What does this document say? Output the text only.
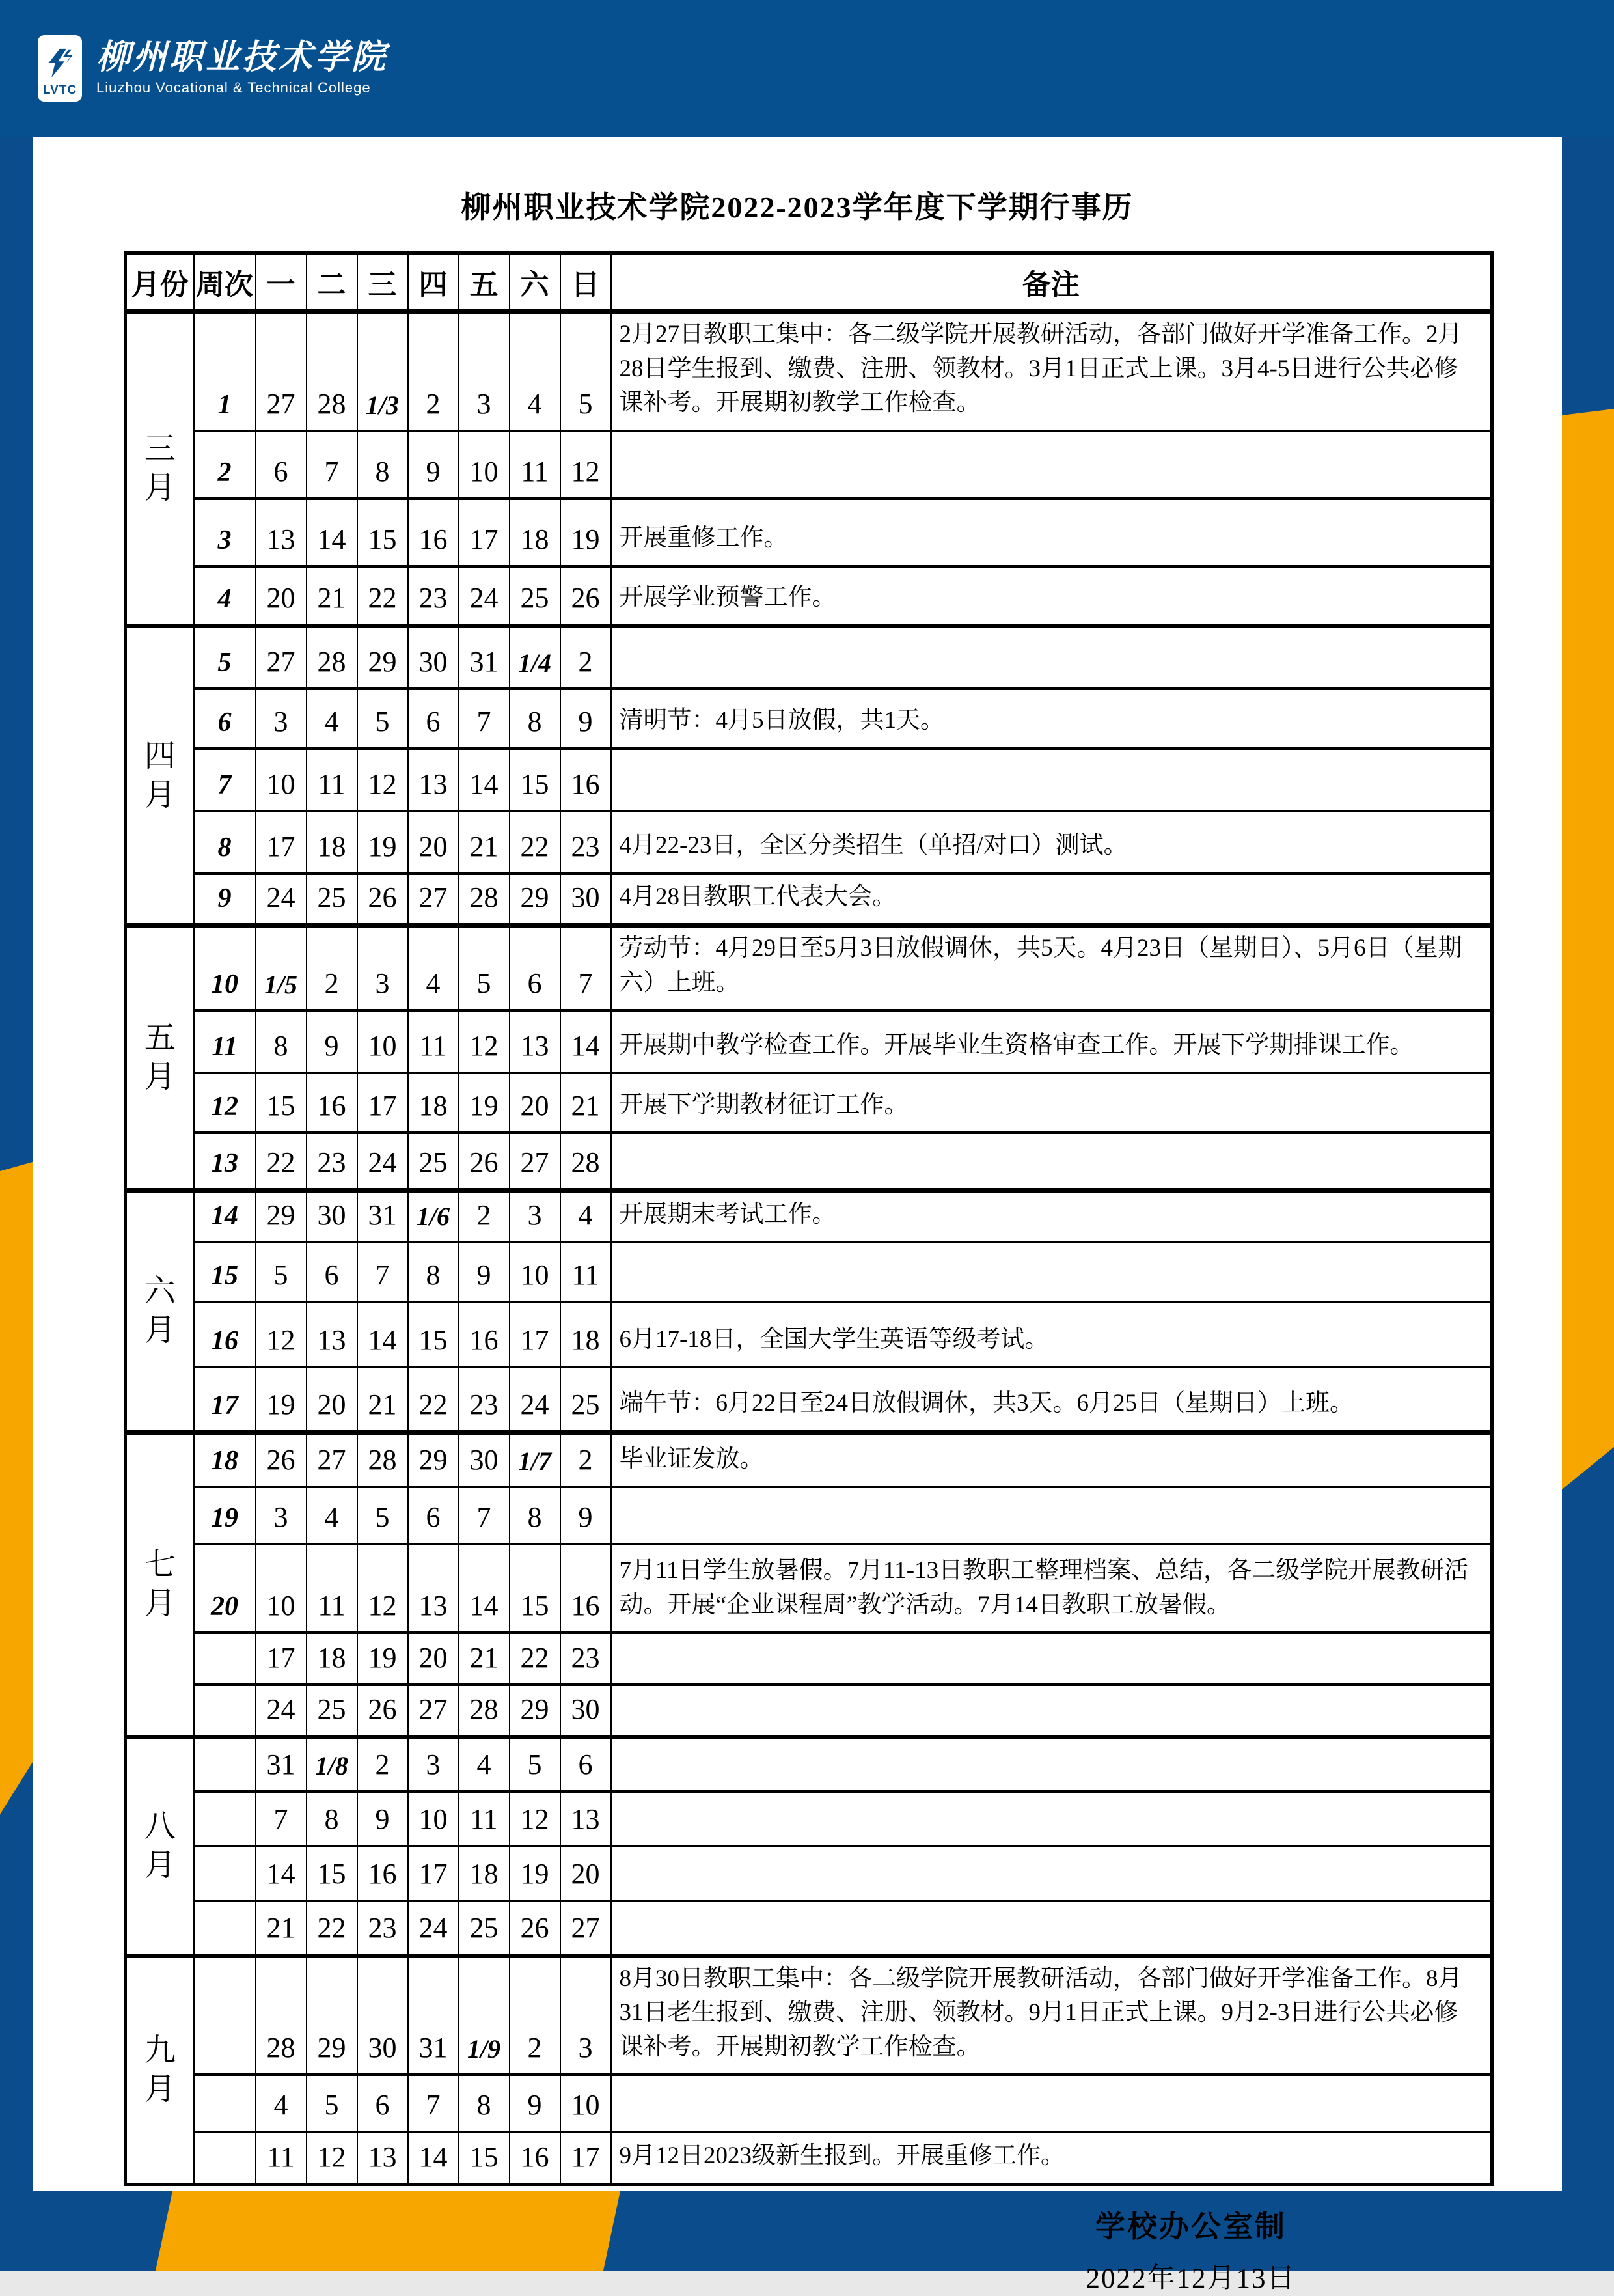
LVTC
柳州职业技术学院
Liuzhou Vocational & Technical College
柳州职业技术学院2022-2023学年度下学期行事历
月份	周次	一	二	三	四	五	六	日	备注
三
月	1	27	28	1/3	2	3	4	5	2月27日教职工集中：各二级学院开展教研活动，各部门做好开学准备工作。2月28日学生报到、缴费、注册、领教材。3月1日正式上课。3月4-5日进行公共必修课补考。开展期初教学工作检查。
	2	6	7	8	9	10	11	12	
	3	13	14	15	16	17	18	19	开展重修工作。
	4	20	21	22	23	24	25	26	开展学业预警工作。
四
月	5	27	28	29	30	31	1/4	2	
	6	3	4	5	6	7	8	9	清明节：4月5日放假，共1天。
	7	10	11	12	13	14	15	16	
	8	17	18	19	20	21	22	23	4月22-23日，全区分类招生（单招/对口）测试。
	9	24	25	26	27	28	29	30	4月28日教职工代表大会。
五
月	10	1/5	2	3	4	5	6	7	劳动节：4月29日至5月3日放假调休，共5天。4月23日（星期日）、5月6日（星期六）上班。
	11	8	9	10	11	12	13	14	开展期中教学检查工作。开展毕业生资格审查工作。开展下学期排课工作。
	12	15	16	17	18	19	20	21	开展下学期教材征订工作。
	13	22	23	24	25	26	27	28	
六
月	14	29	30	31	1/6	2	3	4	开展期末考试工作。
	15	5	6	7	8	9	10	11	
	16	12	13	14	15	16	17	18	6月17-18日，全国大学生英语等级考试。
	17	19	20	21	22	23	24	25	端午节：6月22日至24日放假调休，共3天。6月25日（星期日）上班。
七
月	18	26	27	28	29	30	1/7	2	毕业证发放。
	19	3	4	5	6	7	8	9	
	20	10	11	12	13	14	15	16	7月11日学生放暑假。7月11-13日教职工整理档案、总结，各二级学院开展教研活动。开展“企业课程周”教学活动。7月14日教职工放暑假。
		17	18	19	20	21	22	23	
		24	25	26	27	28	29	30	
八
月		31	1/8	2	3	4	5	6	
		7	8	9	10	11	12	13	
		14	15	16	17	18	19	20	
		21	22	23	24	25	26	27	
九
月		28	29	30	31	1/9	2	3	8月30日教职工集中：各二级学院开展教研活动，各部门做好开学准备工作。8月31日老生报到、缴费、注册、领教材。9月1日正式上课。9月2-3日进行公共必修课补考。开展期初教学工作检查。
		4	5	6	7	8	9	10	
		11	12	13	14	15	16	17	9月12日2023级新生报到。开展重修工作。
学校办公室制
2022年12月13日
